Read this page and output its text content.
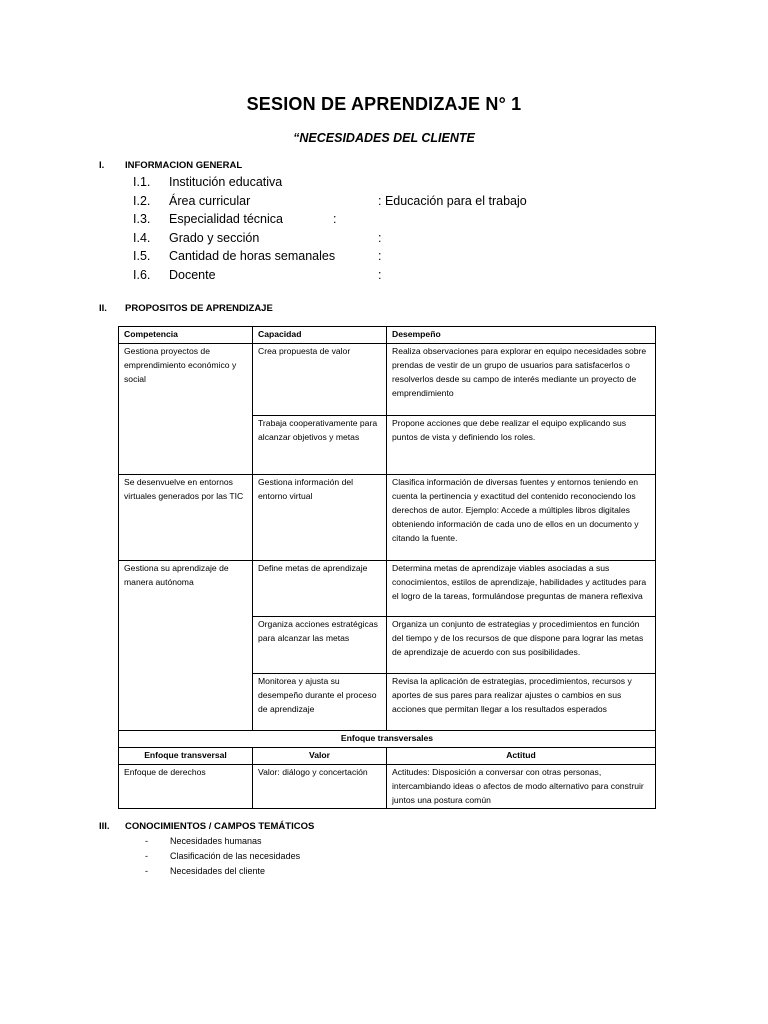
SESION DE APRENDIZAJE N° 1
“NECESIDADES DEL CLIENTE
I. INFORMACION GENERAL
I.1. Institución educativa
I.2. Área curricular	: Educación para el trabajo
I.3. Especialidad técnica	:
I.4. Grado y sección	:
I.5. Cantidad de horas semanales	:
I.6. Docente	:
II. PROPOSITOS DE APRENDIZAJE
Competencia	Capacidad	Desempeño
Gestiona proyectos de emprendimiento económico y social	Crea propuesta de valor	Realiza observaciones para explorar en equipo necesidades sobre prendas de vestir de un grupo de usuarios para satisfacerlos o resolverlos desde su campo de interés mediante un proyecto de emprendimiento
	Trabaja cooperativamente para alcanzar objetivos y metas	Propone acciones que debe realizar el equipo explicando sus puntos de vista y definiendo los roles.
Se desenvuelve en entornos virtuales generados por las TIC	Gestiona información del entorno virtual	Clasifica información de diversas fuentes y entornos teniendo en cuenta la pertinencia y exactitud del contenido reconociendo los derechos de autor. Ejemplo: Accede a múltiples libros digitales obteniendo información de cada uno de ellos en un documento y citando la fuente.
Gestiona su aprendizaje de manera autónoma	Define metas de aprendizaje	Determina metas de aprendizaje viables asociadas a sus conocimientos, estilos de aprendizaje, habilidades y actitudes para el logro de la tareas, formulándose preguntas de manera reflexiva
	Organiza acciones estratégicas para alcanzar las metas	Organiza un conjunto de estrategias y procedimientos en función del tiempo y de los recursos de que dispone para lograr las metas de aprendizaje de acuerdo con sus posibilidades.
	Monitorea y ajusta su desempeño durante el proceso de aprendizaje	Revisa la aplicación de estrategias, procedimientos, recursos y aportes de sus pares para realizar ajustes o cambios en sus acciones que permitan llegar a los resultados esperados
Enfoque transversales		
Enfoque transversal	Valor	Actitud
Enfoque de derechos	Valor: diálogo y concertación	Actitudes: Disposición a conversar con otras personas, intercambiando ideas o afectos de modo alternativo para construir juntos una postura común
III. CONOCIMIENTOS / CAMPOS TEMÁTICOS
- Necesidades humanas
- Clasificación de las necesidades
- Necesidades del cliente
